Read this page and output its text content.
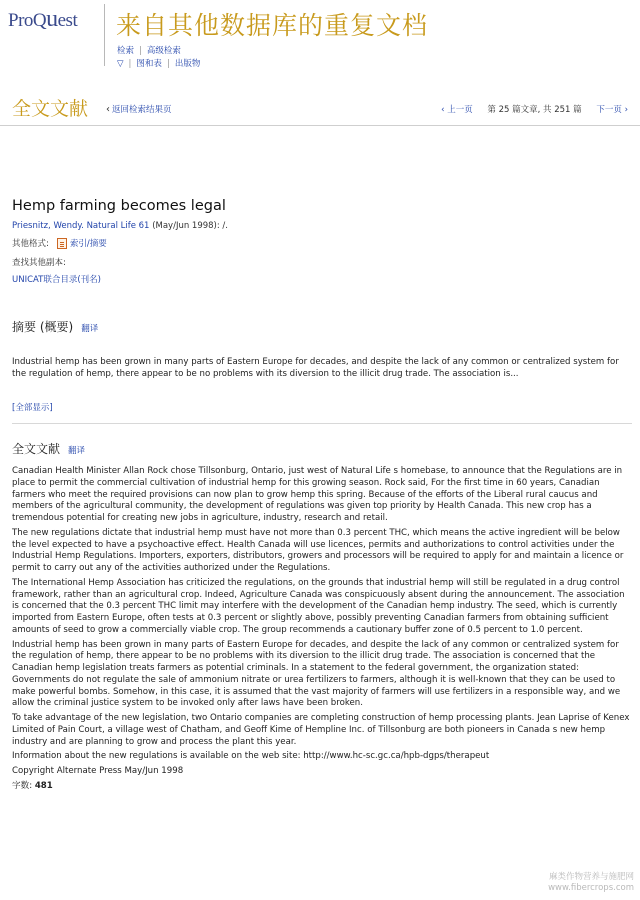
ProQuest 来自其他数据库的重复文档
检索 | 高级检索
▽ | 图和表 | 出版物
全文文献 ‹ 返回检索结果页	‹ 上一页 第 25 篇文章, 共 251 篇 下一页 ›
Hemp farming becomes legal
Priesnitz, Wendy. Natural Life 61 (May/Jun 1998): /.
其他格式: 索引/摘要
查找其他副本:
UNICAT联合目录(刊名)
摘要 (概要) 翻译
Industrial hemp has been grown in many parts of Eastern Europe for decades, and despite the lack of any common or centralized system for the regulation of hemp, there appear to be no problems with its diversion to the illicit drug trade. The association is...
[全部显示]
全文文献 翻译

Canadian Health Minister Allan Rock chose Tillsonburg, Ontario, just west of Natural Life s homebase, to announce that the Regulations are in place to permit the commercial cultivation of industrial hemp for this growing season. Rock said, For the first time in 60 years, Canadian farmers who meet the required provisions can now plan to grow hemp this spring. Because of the efforts of the Liberal rural caucus and members of the agricultural community, the development of regulations was given top priority by Health Canada. This new crop has a tremendous potential for creating new jobs in agriculture, industry, research and retail.

The new regulations dictate that industrial hemp must have not more than 0.3 percent THC, which means the active ingredient will be below the level expected to have a psychoactive effect. Health Canada will use licences, permits and authorizations to control activities under the Industrial Hemp Regulations. Importers, exporters, distributors, growers and processors will be required to apply for and maintain a licence or permit to carry out any of the activities authorized under the Regulations.

The International Hemp Association has criticized the regulations, on the grounds that industrial hemp will still be regulated in a drug control framework, rather than an agricultural crop. Indeed, Agriculture Canada was conspicuously absent during the announcement. The association is concerned that the 0.3 percent THC limit may interfere with the development of the Canadian hemp industry. The seed, which is currently imported from Eastern Europe, often tests at 0.3 percent or slightly above, possibly preventing Canadian farmers from obtaining sufficient amounts of seed to grow a commercially viable crop. The group recommends a cautionary buffer zone of 0.5 percent to 1.0 percent.

Industrial hemp has been grown in many parts of Eastern Europe for decades, and despite the lack of any common or centralized system for the regulation of hemp, there appear to be no problems with its diversion to the illicit drug trade. The association is concerned that the Canadian hemp legislation treats farmers as potential criminals. In a statement to the federal government, the organization stated: Governments do not regulate the sale of ammonium nitrate or urea fertilizers to farmers, although it is well-known that they can be used to make powerful bombs. Somehow, in this case, it is assumed that the vast majority of farmers will use fertilizers in a responsible way, and we allow the criminal justice system to be invoked only after laws have been broken.

To take advantage of the new legislation, two Ontario companies are completing construction of hemp processing plants. Jean Laprise of Kenex Limited of Pain Court, a village west of Chatham, and Geoff Kime of Hempline Inc. of Tillsonburg are both pioneers in Canada s new hemp industry and are planning to grow and process the plant this year.

Information about the new regulations is available on the web site: http://www.hc-sc.gc.ca/hpb-dgps/therapeut

Copyright Alternate Press May/Jun 1998

字数: 481
麻类作物营养与施肥网
www.fibercrops.com
